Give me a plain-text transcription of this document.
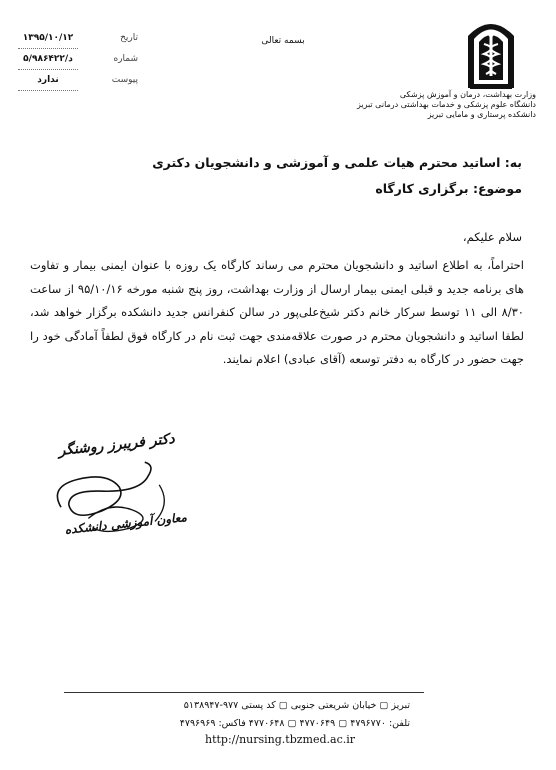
تاریخ
۱۳۹۵/۱۰/۱۲
شماره
۵/د/۹۸۶۴۲۲
پیوست
ندارد
بسمه تعالی
وزارت بهداشت، درمان و آموزش پزشکی
دانشگاه علوم پزشکی و خدمات بهداشتی درمانی تبریز
دانشکده پرستاری و مامایی تبریز
به: اساتید محترم هیات علمی و آموزشی و دانشجویان دکتری
موضوع: برگزاری کارگاه
سلام علیکم،
احتراماً، به اطلاع اساتید و دانشجویان محترم می رساند کارگاه یک روزه با عنوان ایمنی بیمار و تفاوت های برنامه جدید و قبلی ایمنی بیمار ارسال از وزارت بهداشت، روز پنج شنبه مورخه ۹۵/۱۰/۱۶ از ساعت ۸/۳۰ الی ۱۱ توسط سرکار خانم دکتر شیخ‌علی‌پور در سالن کنفرانس جدید دانشکده برگزار خواهد شد، لطفا اساتید و دانشجویان محترم در صورت علاقه‌مندی جهت ثبت نام در کارگاه فوق لطفاً آمادگی خود را جهت حضور در کارگاه به دفتر توسعه (آقای عبادی) اعلام نمایند.
دکتر فریبرز روشنگر
معاون آموزشی دانشکده
تبریز ▢ خیابان شریعتی جنوبی ▢ کد پستی ۹۷۷-۵۱۳۸۹۴۷
تلفن: ۴۷۹۶۷۷۰ ▢ ۴۷۷۰۶۴۹ ▢ ۴۷۷۰۶۴۸ فاکس: ۴۷۹۶۹۶۹
http://nursing.tbzmed.ac.ir
